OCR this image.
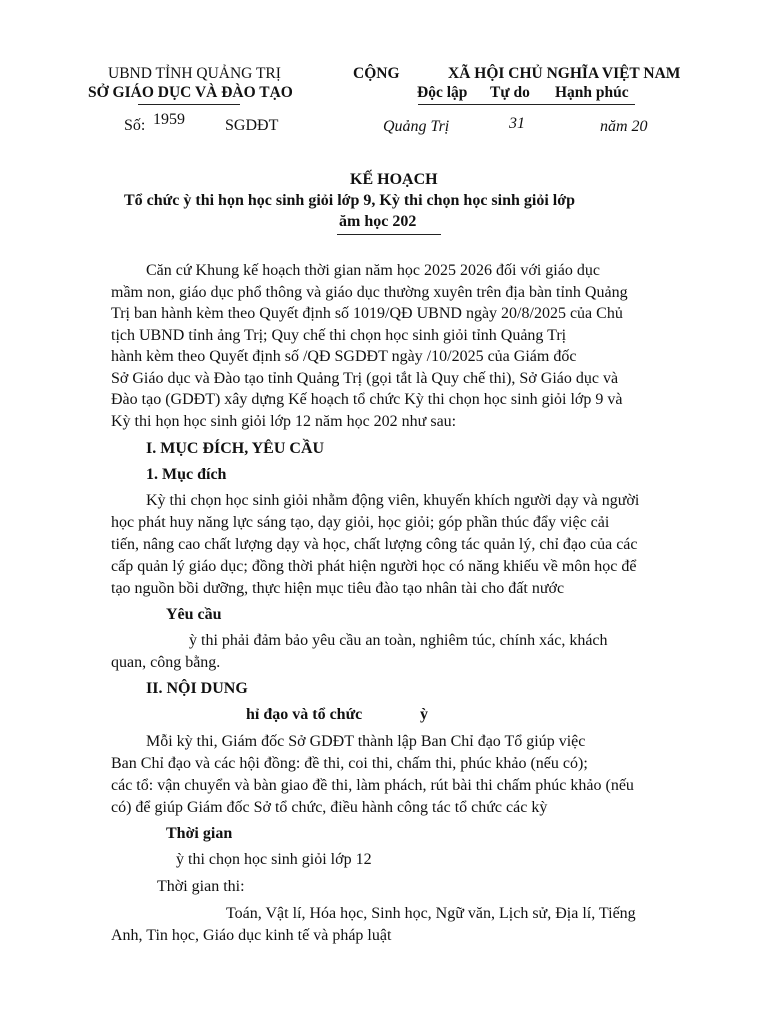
UBND TỈNH QUẢNG TRỊ
SỞ GIÁO DỤC VÀ ĐÀO TẠO
CỘNG	XÃ HỘI CHỦ NGHĨA VIỆT NAM
Độc lập Tự do Hạnh phúc
Số: 1959	SGDĐT	Quảng Trị	31	năm 20
KẾ HOẠCH
Tổ chức ỳ thi họn học sinh giỏi lớp 9, Kỳ thi chọn học sinh giỏi lớp
ăm học 202
Căn cứ Khung kế hoạch thời gian năm học 2025 2026 đối với giáo dục
mầm non, giáo dục phổ thông và giáo dục thường xuyên trên địa bàn tỉnh Quảng
Trị ban hành kèm theo Quyết định số 1019/QĐ UBND ngày 20/8/2025 của Chủ
tịch UBND tỉnh ảng Trị; Quy chế thi chọn học sinh giỏi tỉnh Quảng Trị
hành kèm theo Quyết định số /QĐ SGDĐT ngày /10/2025 của Giám đốc
Sở Giáo dục và Đào tạo tỉnh Quảng Trị (gọi tắt là Quy chế thi), Sở Giáo dục và
Đào tạo (GDĐT) xây dựng Kế hoạch tổ chức Kỳ thi chọn học sinh giỏi lớp 9 và
Kỳ thi họn học sinh giỏi lớp 12 năm học 202 như sau:
I. MỤC ĐÍCH, YÊU CẦU
1. Mục đích
Kỳ thi chọn học sinh giỏi nhằm động viên, khuyến khích người dạy và người
học phát huy năng lực sáng tạo, dạy giỏi, học giỏi; góp phần thúc đẩy việc cải
tiến, nâng cao chất lượng dạy và học, chất lượng công tác quản lý, chỉ đạo của các
cấp quản lý giáo dục; đồng thời phát hiện người học có năng khiếu về môn học để
tạo nguồn bồi dưỡng, thực hiện mục tiêu đào tạo nhân tài cho đất nước
Yêu cầu
ỳ thi phải đảm bảo yêu cầu an toàn, nghiêm túc, chính xác, khách
quan, công bằng.
II. NỘI DUNG
hỉ đạo và tổ chức	ỳ
Mỗi kỳ thi, Giám đốc Sở GDĐT thành lập Ban Chỉ đạo Tổ giúp việc
Ban Chỉ đạo và các hội đồng: đề thi, coi thi, chấm thi, phúc khảo (nếu có);
các tổ: vận chuyển và bàn giao đề thi, làm phách, rút bài thi chấm phúc khảo (nếu
có) để giúp Giám đốc Sở tổ chức, điều hành công tác tổ chức các kỳ
Thời gian
ỳ thi chọn học sinh giỏi lớp 12
Thời gian thi:
Toán, Vật lí, Hóa học, Sinh học, Ngữ văn, Lịch sử, Địa lí, Tiếng
Anh, Tin học, Giáo dục kinh tế và pháp luật
